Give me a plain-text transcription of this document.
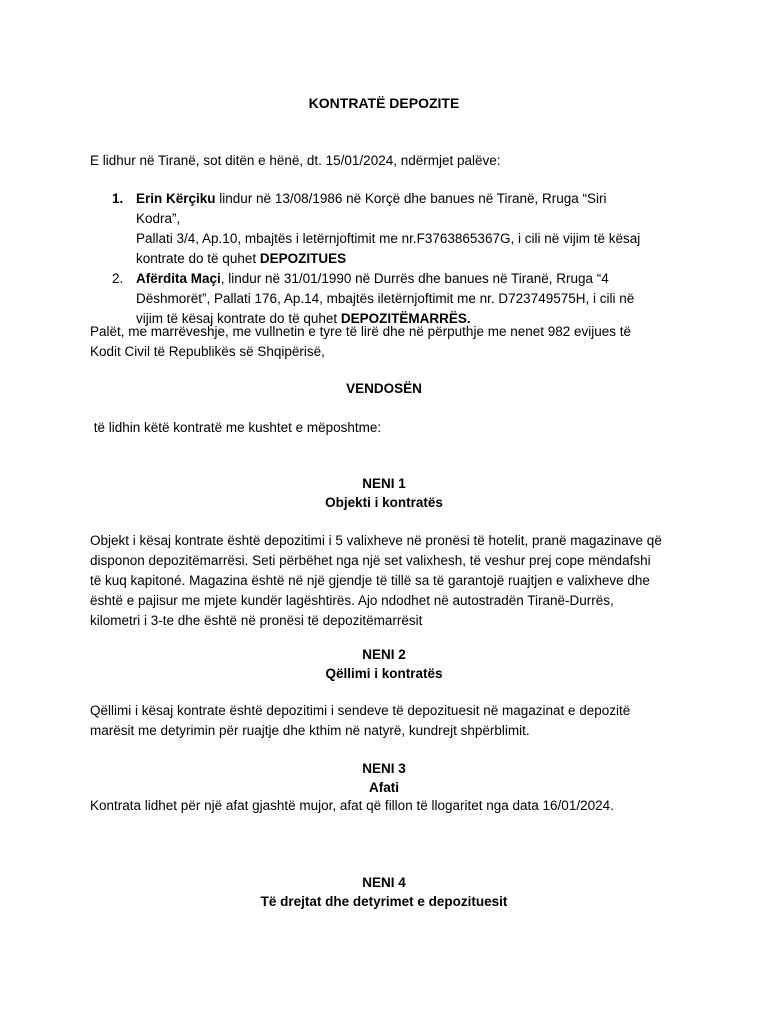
KONTRATË DEPOZITE
E lidhur në Tiranë, sot ditën e hënë, dt. 15/01/2024, ndërmjet palëve:
1. Erin Kërçiku lindur në 13/08/1986 në Korçë dhe banues në Tiranë, Rruga “Siri Kodra”,
Pallati 3/4, Ap.10, mbajtës i letërnjoftimit me nr.F3763865367G, i cili në vijim të kësaj
kontrate do të quhet DEPOZITUES
2. Afërdita Maçi, lindur në 31/01/1990 në Durrës dhe banues në Tiranë, Rruga “4
Dëshmorët”, Pallati 176, Ap.14, mbajtës iletërnjoftimit me nr. D723749575H, i cili në
vijim të kësaj kontrate do të quhet DEPOZITËMARRËS.
Palët, me marrëveshje, me vullnetin e tyre të lirë dhe në përputhje me nenet 982 evijues të
Kodit Civil të Republikës së Shqipërisë,
VENDOSËN
të lidhin këtë kontratë me kushtet e mëposhtme:
NENI 1
Objekti i kontratës
Objekt i kësaj kontrate është depozitimi i 5 valixheve në pronësi të hotelit, pranë magazinave që
disponon depozitëmarrësi. Seti përbëhet nga një set valixhesh, të veshur prej cope mëndafshi
të kuq kapitoné. Magazina është në një gjendje të tillë sa të garantojë ruajtjen e valixheve dhe
është e pajisur me mjete kundër lagështirës. Ajo ndodhet në autostradën Tiranë-Durrës,
kilometri i 3-te dhe është në pronësi të depozitëmarrësit
NENI 2
Qëllimi i kontratës
Qëllimi i kësaj kontrate është depozitimi i sendeve të depozituesit në magazinat e depozitë
marësit me detyrimin për ruajtje dhe kthim në natyrë, kundrejt shpërblimit.
NENI 3
Afati
Kontrata lidhet për një afat gjashtë mujor, afat që fillon të llogaritet nga data 16/01/2024.
NENI 4
Të drejtat dhe detyrimet e depozituesit
